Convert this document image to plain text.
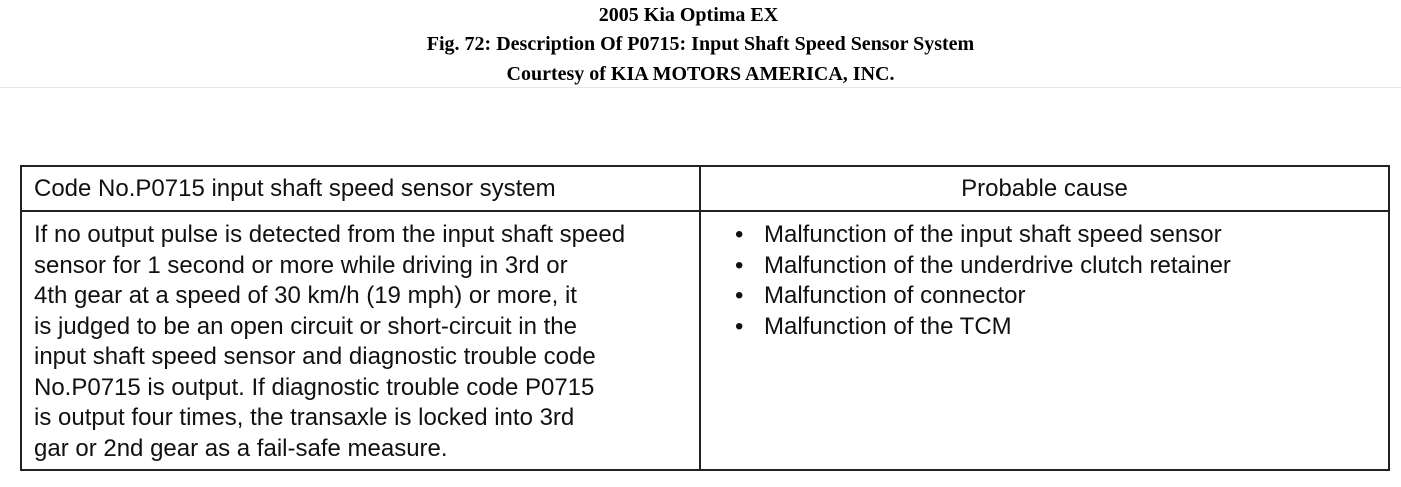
2005 Kia Optima EX
Fig. 72: Description Of P0715: Input Shaft Speed Sensor System
Courtesy of KIA MOTORS AMERICA, INC.
Code No.P0715 input shaft speed sensor system	Probable cause
If no output pulse is detected from the input shaft speed
sensor for 1 second or more while driving in 3rd or
4th gear at a speed of 30 km/h (19 mph) or more, it
is judged to be an open circuit or short-circuit in the
input shaft speed sensor and diagnostic trouble code
No.P0715 is output. If diagnostic trouble code P0715
is output four times, the transaxle is locked into 3rd
gar or 2nd gear as a fail-safe measure.
• Malfunction of the input shaft speed sensor
• Malfunction of the underdrive clutch retainer
• Malfunction of connector
• Malfunction of the TCM
